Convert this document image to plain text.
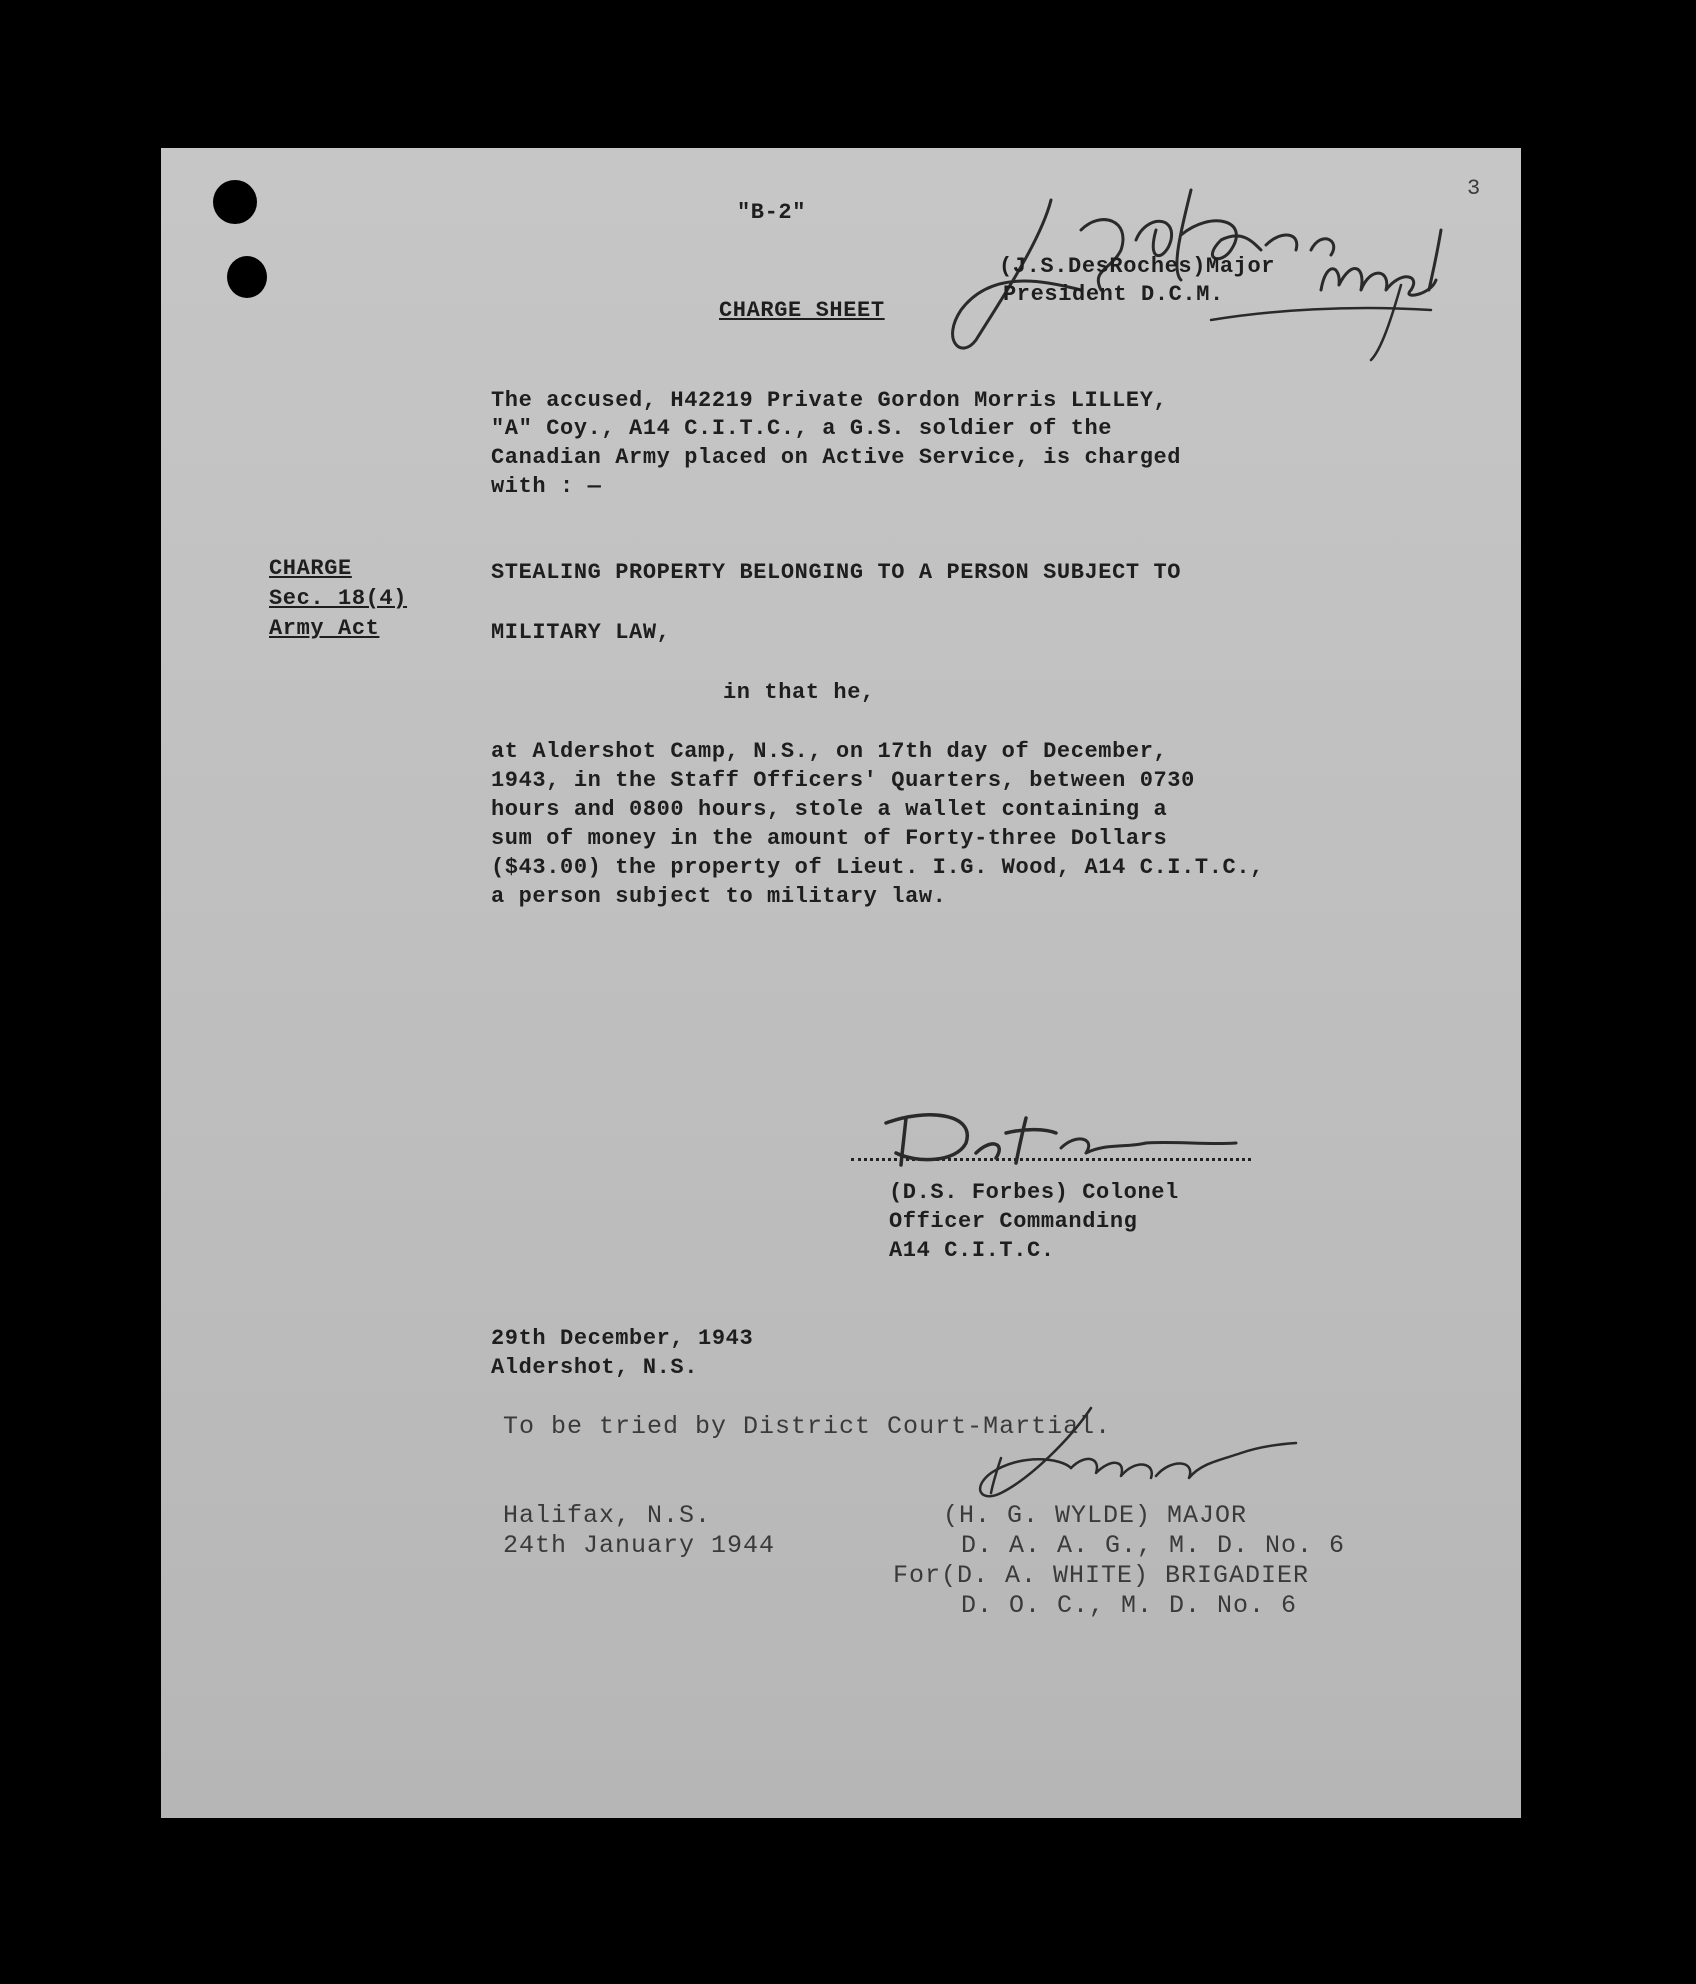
3
"B-2"
(J.S.DesRoches)Major
President D.C.M.
CHARGE SHEET
The accused, H42219 Private Gordon Morris LILLEY,
"A" Coy., A14 C.I.T.C., a G.S. soldier of the
Canadian Army placed on Active Service, is charged
with : —
CHARGE
Sec. 18(4)
Army Act
STEALING PROPERTY BELONGING TO A PERSON SUBJECT TO
MILITARY LAW,
in that he,
at Aldershot Camp, N.S., on 17th day of December,
1943, in the Staff Officers' Quarters, between 0730
hours and 0800 hours, stole a wallet containing a
sum of money in the amount of Forty-three Dollars
($43.00) the property of Lieut. I.G. Wood, A14 C.I.T.C.,
a person subject to military law.
(D.S. Forbes) Colonel
Officer Commanding
A14 C.I.T.C.
29th December, 1943
Aldershot, N.S.
To be tried by District Court-Martial.
Halifax, N.S.
24th January 1944
(H. G. WYLDE) MAJOR
D. A. A. G., M. D. No. 6
For(D. A. WHITE) BRIGADIER
D. O. C., M. D. No. 6
